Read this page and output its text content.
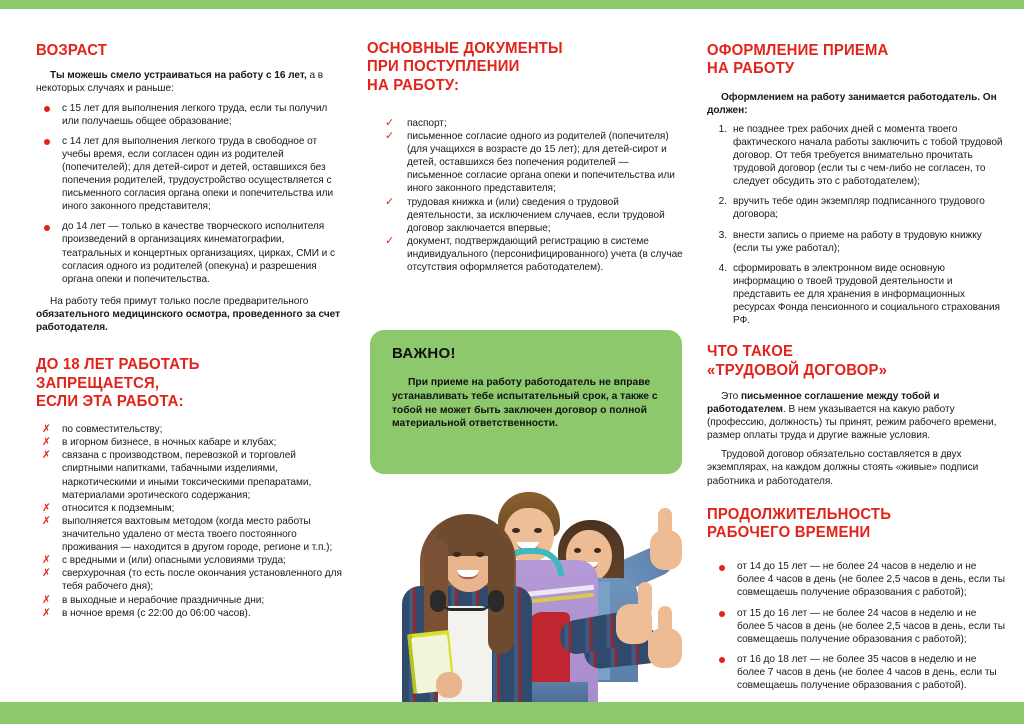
ВОЗРАСТ

Ты можешь смело устраиваться на работу с 16 лет, а в некоторых случаях и раньше:

с 15 лет для выполнения легкого труда, если ты получил или получаешь общее образование;
с 14 лет для выполнения легкого труда в свободное от учебы время, если согласен один из родителей (попечителей); для детей-сирот и детей, оставшихся без попечения родителей, трудоустройство осуществляется с письменного согласия органа опеки и попечительства или иного законного представителя;
до 14 лет — только в качестве творческого исполнителя произведений в организациях кинематографии, театральных и концертных организациях, цирках, СМИ и с согласия одного из родителей (опекуна) и разрешения органа опеки и попечительства.

На работу тебя примут только после предварительного обязательного медицинского осмотра, проведенного за счет работодателя.

ДО 18 ЛЕТ РАБОТАТЬ
ЗАПРЕЩАЕТСЯ,
ЕСЛИ ЭТА РАБОТА:
✗ по совместительству;
✗ в игорном бизнесе, в ночных кабаре и клубах;
✗ связана с производством, перевозкой и торговлей спиртными напитками, табачными изделиями, наркотическими и иными токсическими препаратами, материалами эротического содержания;
✗ относится к подземным;
✗ выполняется вахтовым методом (когда место работы значительно удалено от места твоего постоянного проживания — находится в другом городе, регионе и т.п.);
✗ с вредными и (или) опасными условиями труда;
✗ сверхурочная (то есть после окончания установленного для тебя рабочего дня);
✗ в выходные и нерабочие праздничные дни;
✗ в ночное время (с 22:00 до 06:00 часов).
ОСНОВНЫЕ ДОКУМЕНТЫ
ПРИ ПОСТУПЛЕНИИ
НА РАБОТУ:
✓ паспорт;
✓ письменное согласие одного из родителей (попечителя) (для учащихся в возрасте до 15 лет); для детей-сирот и детей, оставшихся без попечения родителей — письменное согласие органа опеки и попечительства или иного законного представителя;
✓ трудовая книжка и (или) сведения о трудовой деятельности, за исключением случаев, если трудовой договор заключается впервые;
✓ документ, подтверждающий регистрацию в системе индивидуального (персонифицированного) учета (в случае отсутствия оформляется работодателем).
ВАЖНО!

При приеме на работу работодатель не вправе устанавливать тебе испытательный срок, а также с тобой не может быть заключен договор о полной материальной ответственности.

ОФОРМЛЕНИЕ ПРИЕМА
НА РАБОТУ

Оформлением на работу занимается работодатель. Он должен:

1. не позднее трех рабочих дней с момента твоего фактического начала работы заключить с тобой трудовой договор. От тебя требуется внимательно прочитать трудовой договор (если ты с чем-либо не согласен, то следует обсудить это с работодателем);
2. вручить тебе один экземпляр подписанного трудового договора;
3. внести запись о приеме на работу в трудовую книжку (если ты уже работал);
4. сформировать в электронном виде основную информацию о твоей трудовой деятельности и представить ее для хранения в информационных ресурсах Фонда пенсионного и социального страхования РФ.
ЧТО ТАКОЕ
«ТРУДОВОЙ ДОГОВОР»

Это письменное соглашение между тобой и работодателем. В нем указывается на какую работу (профессию, должность) ты принят, режим рабочего времени, размер оплаты труда и другие важные условия.

Трудовой договор обязательно составляется в двух экземплярах, на каждом должны стоять «живые» подписи работника и работодателя.

ПРОДОЛЖИТЕЛЬНОСТЬ
РАБОЧЕГО ВРЕМЕНИ
от 14 до 15 лет — не более 24 часов в неделю и не более 4 часов в день (не более 2,5 часов в день, если ты совмещаешь получение образования с работой);
от 15 до 16 лет — не более 24 часов в неделю и не более 5 часов в день (не более 2,5 часов в день, если ты совмещаешь получение образования с работой);
от 16 до 18 лет — не более 35 часов в неделю и не более 7 часов в день (не более 4 часов в день, если ты совмещаешь получение образования с работой).
